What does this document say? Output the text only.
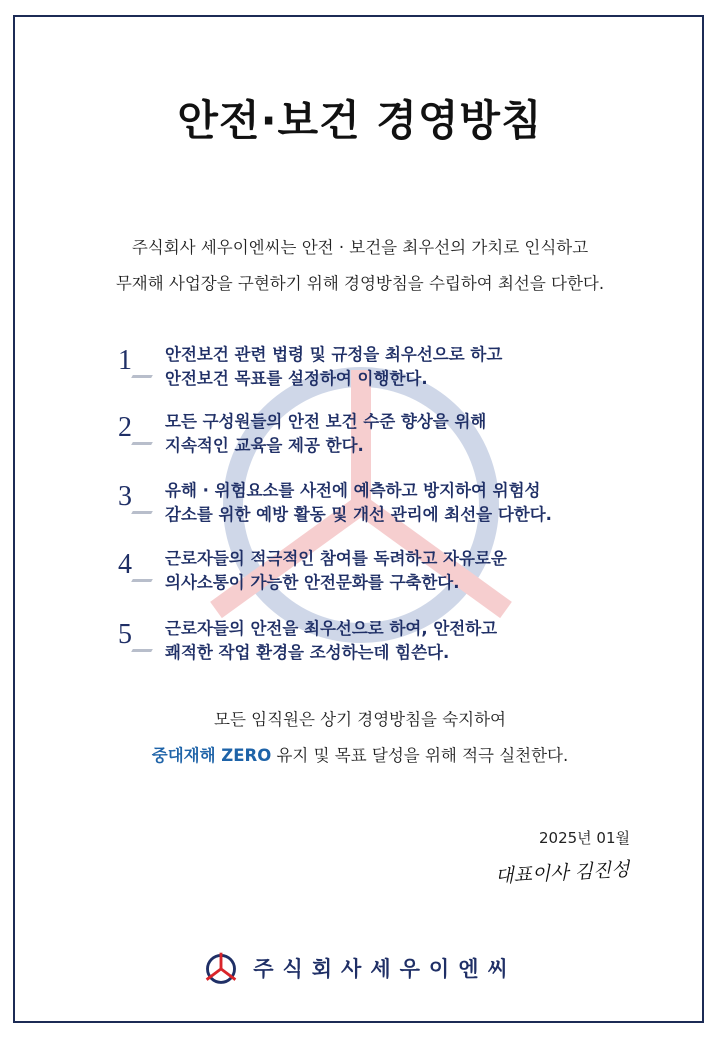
안전·보건 경영방침
주식회사 세우이엔씨는 안전 · 보건을 최우선의 가치로 인식하고
무재해 사업장을 구현하기 위해 경영방침을 수립하여 최선을 다한다.
1 안전보건 관련 법령 및 규정을 최우선으로 하고
안전보건 목표를 설정하여 이행한다.
2 모든 구성원들의 안전 보건 수준 향상을 위해
지속적인 교육을 제공 한다.
3 유해 · 위험요소를 사전에 예측하고 방지하여 위험성
감소를 위한 예방 활동 및 개선 관리에 최선을 다한다.
4 근로자들의 적극적인 참여를 독려하고 자유로운
의사소통이 가능한 안전문화를 구축한다.
5 근로자들의 안전을 최우선으로 하여, 안전하고
쾌적한 작업 환경을 조성하는데 힘쓴다.
모든 임직원은 상기 경영방침을 숙지하여
중대재해 ZERO 유지 및 목표 달성을 위해 적극 실천한다.
2025년 01월
대표이사 김진성
주식회사세우이엔씨
